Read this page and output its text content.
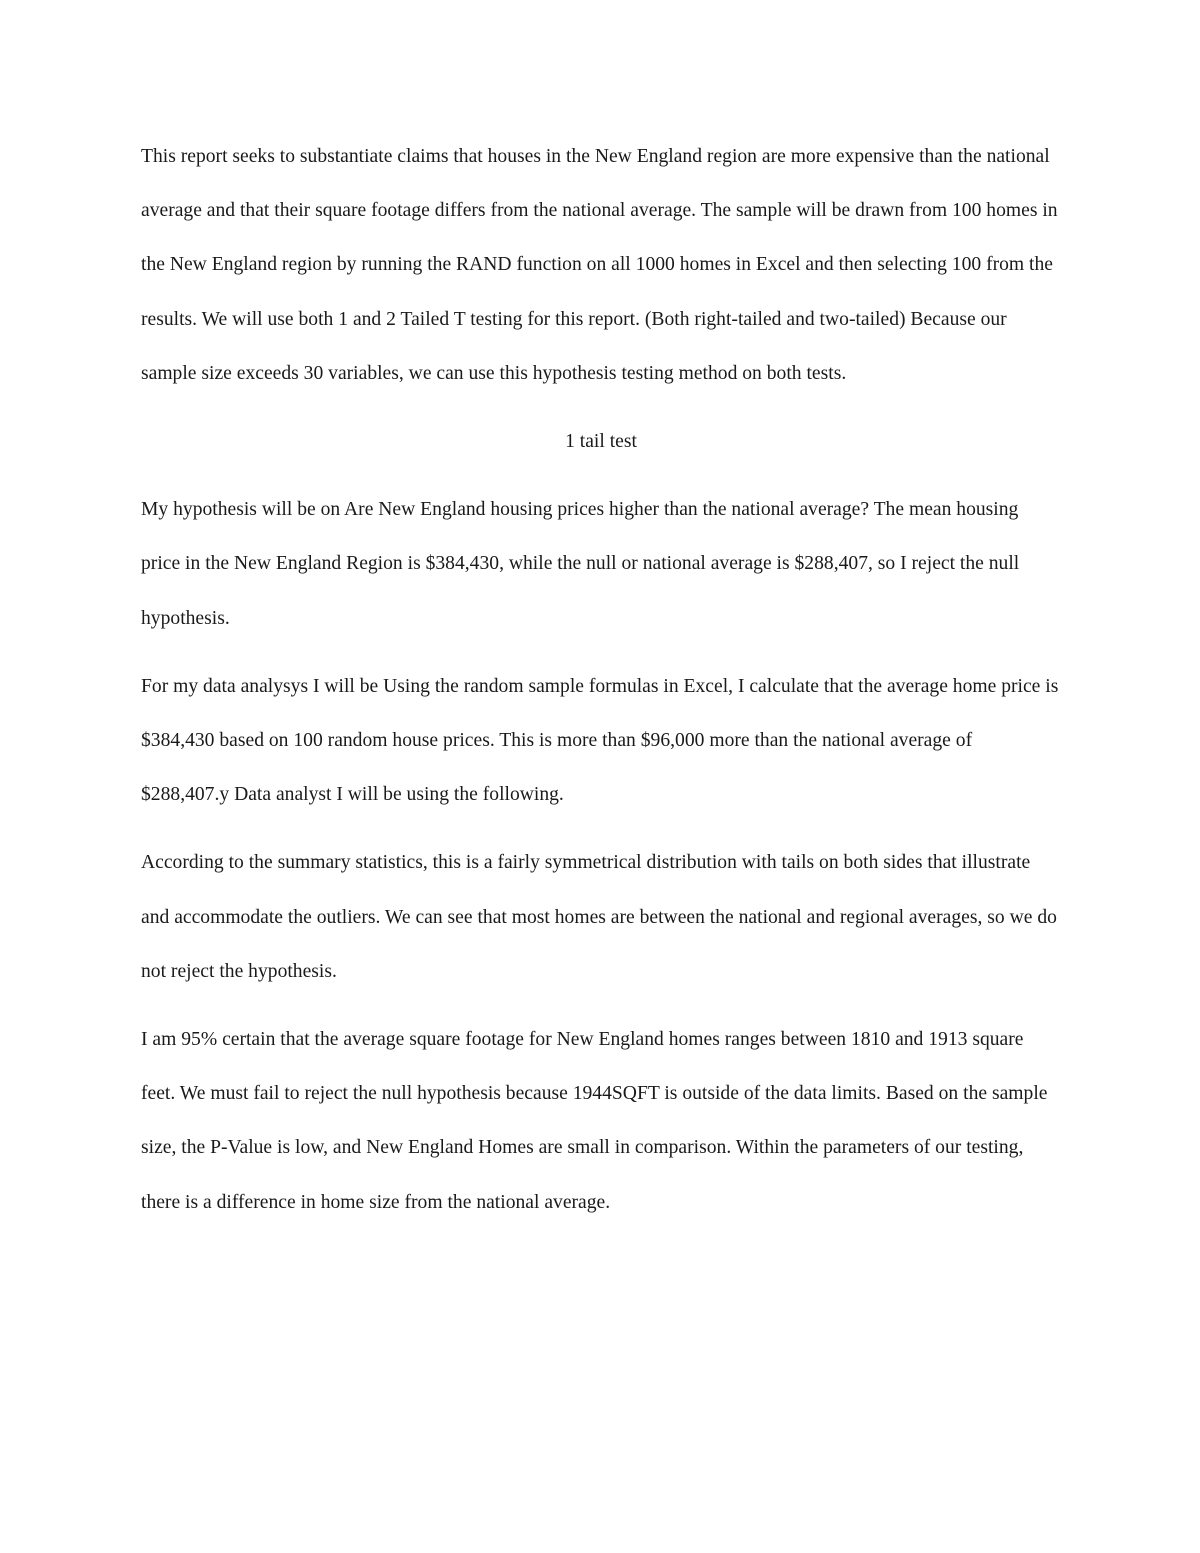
This report seeks to substantiate claims that houses in the New England region are more expensive than the national average and that their square footage differs from the national average. The sample will be drawn from 100 homes in the New England region by running the RAND function on all 1000 homes in Excel and then selecting 100 from the results. We will use both 1 and 2 Tailed T testing for this report. (Both right-tailed and two-tailed) Because our sample size exceeds 30 variables, we can use this hypothesis testing method on both tests.

1 tail test

My hypothesis will be on Are New England housing prices higher than the national average? The mean housing price in the New England Region is $384,430, while the null or national average is $288,407, so I reject the null hypothesis.

For my data analysys I will be Using the random sample formulas in Excel, I calculate that the average home price is $384,430 based on 100 random house prices. This is more than $96,000 more than the national average of $288,407.y Data analyst I will be using the following.

According to the summary statistics, this is a fairly symmetrical distribution with tails on both sides that illustrate and accommodate the outliers. We can see that most homes are between the national and regional averages, so we do not reject the hypothesis.

I am 95% certain that the average square footage for New England homes ranges between 1810 and 1913 square feet. We must fail to reject the null hypothesis because 1944SQFT is outside of the data limits. Based on the sample size, the P-Value is low, and New England Homes are small in comparison. Within the parameters of our testing, there is a difference in home size from the national average.
